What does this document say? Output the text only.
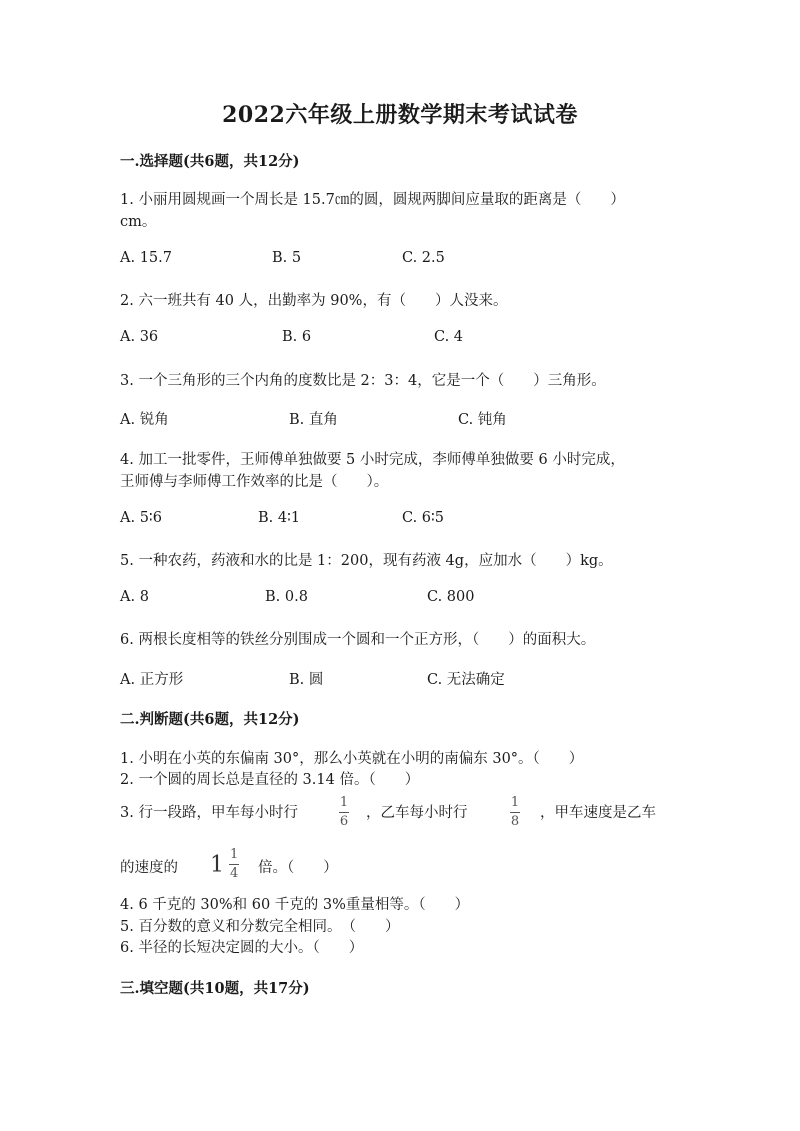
2022六年级上册数学期末考试试卷
一.选择题(共6题，共12分)
1. 小丽用圆规画一个周长是 15.7㎝的圆，圆规两脚间应量取的距离是（　　）
cm。
A. 15.7	B. 5	C. 2.5
2. 六一班共有 40 人，出勤率为 90%，有（　　）人没来。
A. 36	B. 6	C. 4
3. 一个三角形的三个内角的度数比是 2：3：4，它是一个（　　）三角形。
A. 锐角	B. 直角	C. 钝角
4. 加工一批零件，王师傅单独做要 5 小时完成，李师傅单独做要 6 小时完成，
王师傅与李师傅工作效率的比是（　　）。
A. 5∶6	B. 4∶1	C. 6∶5
5. 一种农药，药液和水的比是 1：200，现有药液 4g，应加水（　　）kg。
A. 8	B. 0.8	C. 800
6. 两根长度相等的铁丝分别围成一个圆和一个正方形，（　　）的面积大。
A. 正方形	B. 圆	C. 无法确定
二.判断题(共6题，共12分)
1. 小明在小英的东偏南 30°，那么小英就在小明的南偏东 30°。（　　）
2. 一个圆的周长总是直径的 3.14 倍。（　　）
3. 行一段路，甲车每小时行	$\frac{1}{6}$ ，乙车每小时行	$\frac{1}{8}$ ，甲车速度是乙车
的速度的 $1 \frac{1}{4}$ 倍。（　　）
4. 6 千克的 30%和 60 千克的 3%重量相等。（　　）
5. 百分数的意义和分数完全相同。　（　　）
6. 半径的长短决定圆的大小。（　　）
三.填空题(共10题，共17分)
